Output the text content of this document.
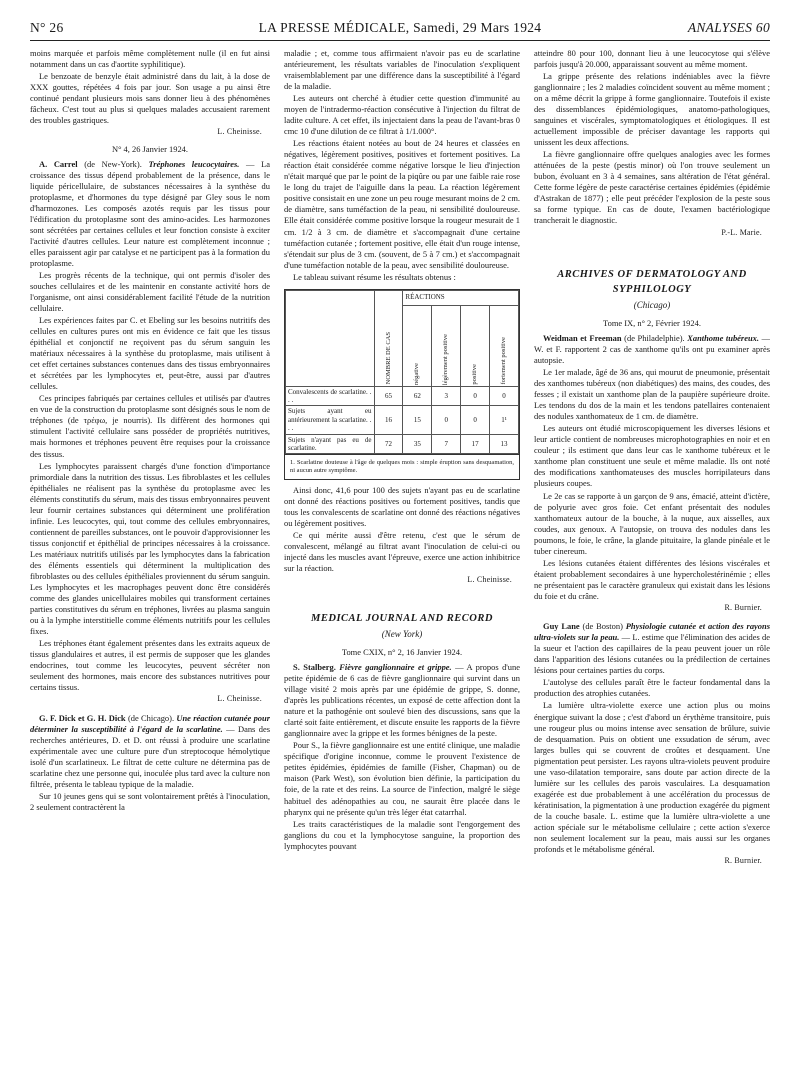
N° 26	LA PRESSE MÉDICALE, Samedi, 29 Mars 1924	ANALYSES 60

moins marquée et parfois même complètement nulle (il en fut ainsi notamment dans un cas d'aortite syphilitique).

Le benzoate de benzyle était administré dans du lait, à la dose de XXX gouttes, répétées 4 fois par jour. Son usage a pu ainsi être continué pendant plusieurs mois sans donner lieu à des phénomènes fâcheux. C'est tout au plus si quelques malades accusaient rarement des troubles gastriques.

L. Cheinisse.
N° 4, 26 Janvier 1924.

A. Carrel (de New-York). Tréphones leucocytaires. — La croissance des tissus dépend probablement de la présence, dans le liquide péricellulaire, de substances nécessaires à la synthèse du protoplasme, et d'hormones du type désigné par Gley sous le nom d'harmozones. Les composés azotés requis par les tissus pour l'édification du protoplasme sont des amino-acides. Les harmozones sont sécrétées par certaines cellules et leur fonction consiste à exciter l'activité d'autres cellules. Leur nature est complètement inconnue ; elles paraissent agir par catalyse et ne participent pas à la formation du protoplasme.

Les progrès récents de la technique, qui ont permis d'isoler des souches cellulaires et de les maintenir en constante activité hors de l'organisme, ont ainsi considérablement facilité l'étude de la nutrition cellulaire.

Les expériences faites par C. et Ebeling sur les besoins nutritifs des cellules en cultures pures ont mis en évidence ce fait que les tissus épithélial et conjonctif ne reçoivent pas du sérum sanguin les matériaux nécessaires à la synthèse du protoplasme, mais utilisent à cet effet certaines substances contenues dans des tissus embryonnaires et sécrétées par les lymphocytes et, peut-être, aussi par d'autres cellules.

Ces principes fabriqués par certaines cellules et utilisés par d'autres en vue de la construction du protoplasme sont désignés sous le nom de tréphones (de τρέφω, je nourris). Ils diffèrent des hormones qui stimulent l'activité cellulaire sans posséder de propriétés nutritives, mais hormones et tréphones peuvent être requises pour la croissance des tissus.

Les lymphocytes paraissent chargés d'une fonction d'importance primordiale dans la nutrition des tissus. Les fibroblastes et les cellules épithéliales ne réalisent pas la synthèse du protoplasme avec les éléments constitutifs du sérum, mais des tissus embryonnaires peuvent leur fournir certaines substances qui déterminent une prolifération infinie. Les leucocytes, qui, tout comme des cellules embryonnaires, contiennent de pareilles substances, ont le pouvoir d'approvisionner les tissus conjonctif et épithélial de principes nécessaires à la croissance. Les matériaux nutritifs utilisés par les lymphocytes dans la fabrication des éléments essentiels qui déterminent la multiplication des fibroblastes ou des cellules épithéliales proviennent du sérum sanguin. Les lymphocytes et les macrophages peuvent donc être considérés comme des glandes unicellulaires mobiles qui transforment certaines parties constitutives du sérum en tréphones, livrées au plasma sanguin ou à la lymphe interstitielle comme éléments nutritifs pour les cellules fixes.

Les tréphones étant également présentes dans les extraits aqueux de tissus glandulaires et autres, il est permis de supposer que les glandes endocrines, tout comme les leucocytes, peuvent sécréter non seulement des hormones, mais encore des substances nutritives pour certains tissus.

L. Cheinisse.

G. F. Dick et G. H. Dick (de Chicago). Une réaction cutanée pour déterminer la susceptibilité à l'égard de la scarlatine. — Dans des recherches antérieures, D. et D. ont réussi à produire une scarlatine expérimentale avec une culture pure d'un streptocoque hémolytique isolé d'un scarlatineux. Le filtrat de cette culture ne détermina pas de scarlatine chez une personne qui, inoculée plus tard avec la culture non filtrée, présenta le tableau typique de la maladie.

Sur 10 jeunes gens qui se sont volontairement prêtés à l'inoculation, 2 seulement contractèrent la

maladie ; et, comme tous affirmaient n'avoir pas eu de scarlatine antérieurement, les résultats variables de l'inoculation s'expliquent vraisemblablement par une différence dans la susceptibilité à l'égard de la maladie.

Les auteurs ont cherché à étudier cette question d'immunité au moyen de l'intradermo-réaction consécutive à l'injection du filtrat de ladite culture. A cet effet, ils injectaient dans la peau de l'avant-bras 0 cmc 10 d'une dilution de ce filtrat à 1/1.000°.

Les réactions étaient notées au bout de 24 heures et classées en négatives, légèrement positives, positives et fortement positives. La réaction était considérée comme négative lorsque le lieu d'injection n'était marqué que par le point de la piqûre ou par une faible raie rose le long du trajet de l'aiguille dans la peau. La réaction légèrement positive consistait en une zone un peu rouge mesurant moins de 2 cm. de diamètre, sans tuméfaction de la peau, ni sensibilité douloureuse. Elle était considérée comme positive lorsque la rougeur mesurait de 1 cm. 1/2 à 3 cm. de diamètre et s'accompagnait d'une certaine tuméfaction cutanée ; fortement positive, elle était d'un rouge intense, s'étendait sur plus de 3 cm. (souvent, de 5 à 7 cm.) et s'accompagnait d'une tuméfaction notable de la peau, avec sensibilité douloureuse.

Le tableau suivant résume les résultats obtenus :

	NOMBRE DE CAS	RÉACTIONS			

		négative	légèrement positive	positive	fortement positive

Convalescents de scarlatine. . . .	65	62	3	0	0
Sujets ayant eu antérieurement la scarlatine. . . .	16	15	0	0	1¹
Sujets n'ayant pas eu de scarlatine.	72	35	7	17	13
1. Scarlatine douteuse à l'âge de quelques mois : simple éruption sans desquamation, ni aucun autre symptôme.

Ainsi donc, 41,6 pour 100 des sujets n'ayant pas eu de scarlatine ont donné des réactions positives ou fortement positives, tandis que tous les convalescents de scarlatine ont donné des réactions négatives ou légèrement positives.

Ce qui mérite aussi d'être retenu, c'est que le sérum de convalescent, mélangé au filtrat avant l'inoculation de celui-ci ou injecté dans les muscles avant l'épreuve, exerce une action inhibitrice sur la réaction.

L. Cheinisse.
MEDICAL JOURNAL AND RECORD
(New York)
Tome CXIX, n° 2, 16 Janvier 1924.

S. Stalberg. Fièvre ganglionnaire et grippe. — A propos d'une petite épidémie de 6 cas de fièvre ganglionnaire qui survint dans un village visité 2 mois après par une épidémie de grippe, S. donne, d'après les publications récentes, un exposé de cette affection dont la nature et la pathogénie ont soulevé bien des discussions, sans que la clarté soit faite entièrement, et discute ensuite les rapports de la fièvre ganglionnaire avec la grippe et les formes bénignes de la peste.

Pour S., la fièvre ganglionnaire est une entité clinique, une maladie spécifique d'origine inconnue, comme le prouvent l'existence de petites épidémies, épidémies de famille (Fisher, Chapman) ou de maison (Park West), son évolution bien définie, la participation du foie, de la rate et des reins. La source de l'infection, malgré le siège habituel des adénopathies au cou, ne saurait être placée dans le pharynx qui ne présente qu'un très léger état catarrhal.

Les traits caractéristiques de la maladie sont l'engorgement des ganglions du cou et la lymphocytose sanguine, la proportion des lymphocytes pouvant

atteindre 80 pour 100, donnant lieu à une leucocytose qui s'élève parfois jusqu'à 20.000, apparaissant souvent au même moment.

La grippe présente des relations indéniables avec la fièvre ganglionnaire ; les 2 maladies coïncident souvent au même moment ; on a même décrit la grippe à forme ganglionnaire. Toutefois il existe des dissemblances épidémiologiques, anatomo-pathologiques, sanguines et viscérales, symptomatologiques et étiologiques. Il est actuellement impossible de préciser davantage les rapports qui unissent les deux affections.

La fièvre ganglionnaire offre quelques analogies avec les formes atténuées de la peste (pestis minor) où l'on trouve seulement un bubon, évoluant en 3 à 4 semaines, sans altération de l'état général. Cette forme légère de peste caractérise certaines épidémies (épidémie d'Astrakan de 1877) ; elle peut précéder l'explosion de la peste sous sa forme typique. En cas de doute, l'examen bactériologique trancherait le diagnostic.

P.-L. Marie.
ARCHIVES OF DERMATOLOGY AND SYPHILOLOGY
(Chicago)
Tome IX, n° 2, Février 1924.

Weidman et Freeman (de Philadelphie). Xanthome tubéreux. — W. et F. rapportent 2 cas de xanthome qu'ils ont pu examiner après autopsie.

Le 1er malade, âgé de 36 ans, qui mourut de pneumonie, présentait des xanthomes tubéreux (non diabétiques) des mains, des coudes, des fesses ; il existait un xanthome plan de la paupière supérieure droite. Les tendons du dos de la main et les tendons patellaires contenaient des nodules xanthomateux de 1 cm. de diamètre.

Les auteurs ont étudié microscopiquement les diverses lésions et leur article contient de nombreuses microphotographies en noir et en couleur ; ils estiment que dans leur cas le xanthome tubéreux et le xanthome plan constituent une seule et même maladie. Ils ont noté des modifications xanthomateuses des muscles horripilateurs dans plusieurs coupes.

Le 2e cas se rapporte à un garçon de 9 ans, émacié, atteint d'ictère, de polyurie avec gros foie. Cet enfant présentait des nodules xanthomateux autour de la bouche, à la nuque, aux aisselles, aux coudes, aux genoux. A l'autopsie, on trouva des nodules dans les poumons, le foie, le crâne, la glande pituitaire, la glande pinéale et le tuber cinereum.

Les lésions cutanées étaient différentes des lésions viscérales et étaient probablement secondaires à une hypercholestérinémie ; elles ne présentaient pas le caractère granuleux qui existait dans les lésions du foie et du crâne.

R. Burnier.

Guy Lane (de Boston) Physiologie cutanée et action des rayons ultra-violets sur la peau. — L. estime que l'élimination des acides de la sueur et l'action des capillaires de la peau peuvent jouer un rôle dans l'apparition des lésions cutanées ou la prédilection de certaines lésions pour certaines parties du corps.

L'autolyse des cellules paraît être le facteur fondamental dans la production des atrophies cutanées.

La lumière ultra-violette exerce une action plus ou moins énergique suivant la dose ; c'est d'abord un érythème transitoire, puis une rougeur plus ou moins intense avec sensation de brûlure, suivie de desquamation. Puis on obtient une exsudation de sérum, avec larges bulles qui se couvrent de croûtes et desquament. Une pigmentation peut persister. Les rayons ultra-violets peuvent produire une vaso-dilatation temporaire, sans doute par action directe de la lumière sur les cellules des parois vasculaires. La desquamation exagérée est due probablement à une accélération du processus de kératinisation, la pigmentation à une production exagérée du pigment de la couche basale. L. estime que la lumière ultra-violette a une action spéciale sur le métabolisme cellulaire ; cette action s'exerce non seulement localement sur la peau, mais aussi sur les organes profonds et le métabolisme général.

R. Burnier.
